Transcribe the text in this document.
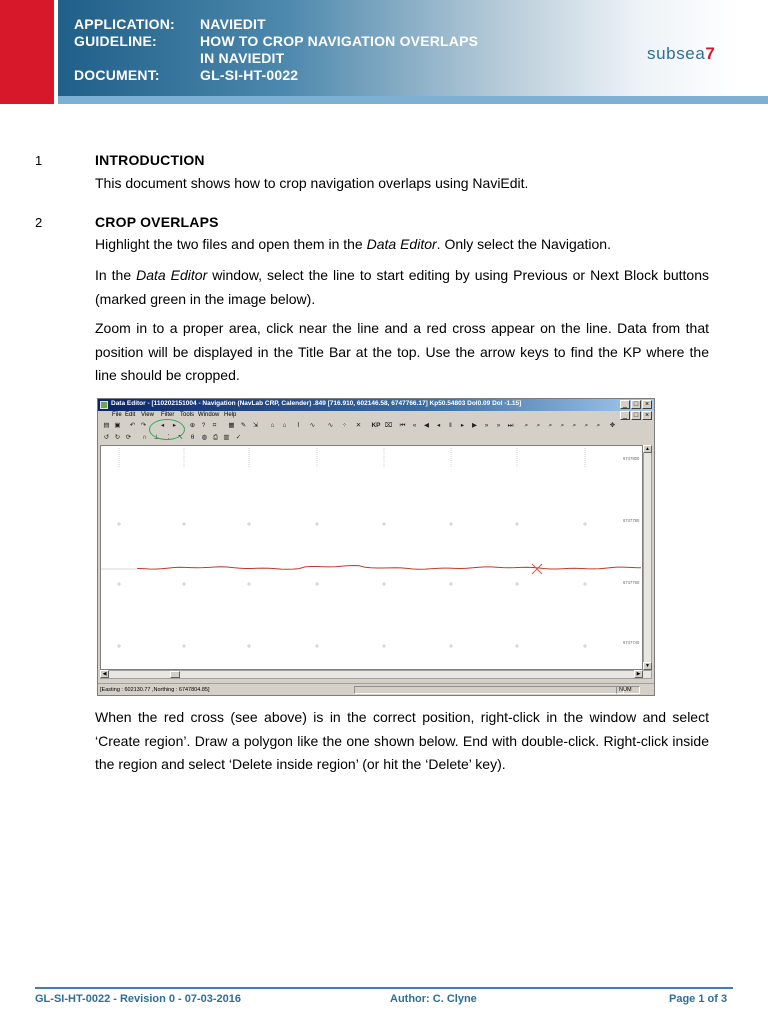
APPLICATION: NAVIEDIT
GUIDELINE:	HOW TO CROP NAVIGATION OVERLAPS
IN NAVIEDIT
DOCUMENT:	GL-SI-HT-0022
subsea7
1	INTRODUCTION
This document shows how to crop navigation overlaps using NaviEdit.
2	CROP OVERLAPS
Highlight the two files and open them in the Data Editor. Only select the Navigation.
In the Data Editor window, select the line to start editing by using Previous or Next Block buttons (marked green in the image below).
Zoom in to a proper area, click near the line and a red cross appear on the line. Data from that position will be displayed in the Title Bar at the top. Use the arrow keys to find the KP where the line should be cropped.
Data Editor - [110202151004 - Navigation (NavLab CRP, Calender) .849 [716.910, 602146.58, 6747766.17] Kp50.54803 Dol0.09 Dol -1.15]	_ □ ×
File Edit View Filter Tools Window Help	_ □ ×
▤ ▣ ↶ ↷	◂	▸	⊕ ?	⌗	▦ ✎ ⇲	⌂	⌂	⌇	∿ ∿ ⁘ ✕ KP ⌧ ⏮	«	◀	◂	‖	▸	▶	»	»	⏭	⌕	⌕	⌕	⌕	⌕	⌕	⌕	✥
↺ ↻ ⟳	∩	⊥	⁚	↖	θ	◍ ⎙ ▥ ✓
6747800
6747780
6747760
6747740
▲
▼
◀	▶
[Easting : 602130.77 ,Northing : 6747804.85]	NUM
When the red cross (see above) is in the correct position, right-click in the window and select ‘Create region’. Draw a polygon like the one shown below. End with double-click. Right-click inside the region and select ‘Delete inside region’ (or hit the ‘Delete’ key).
GL-SI-HT-0022 - Revision 0 - 07-03-2016	Author: C. Clyne	Page 1 of 3
